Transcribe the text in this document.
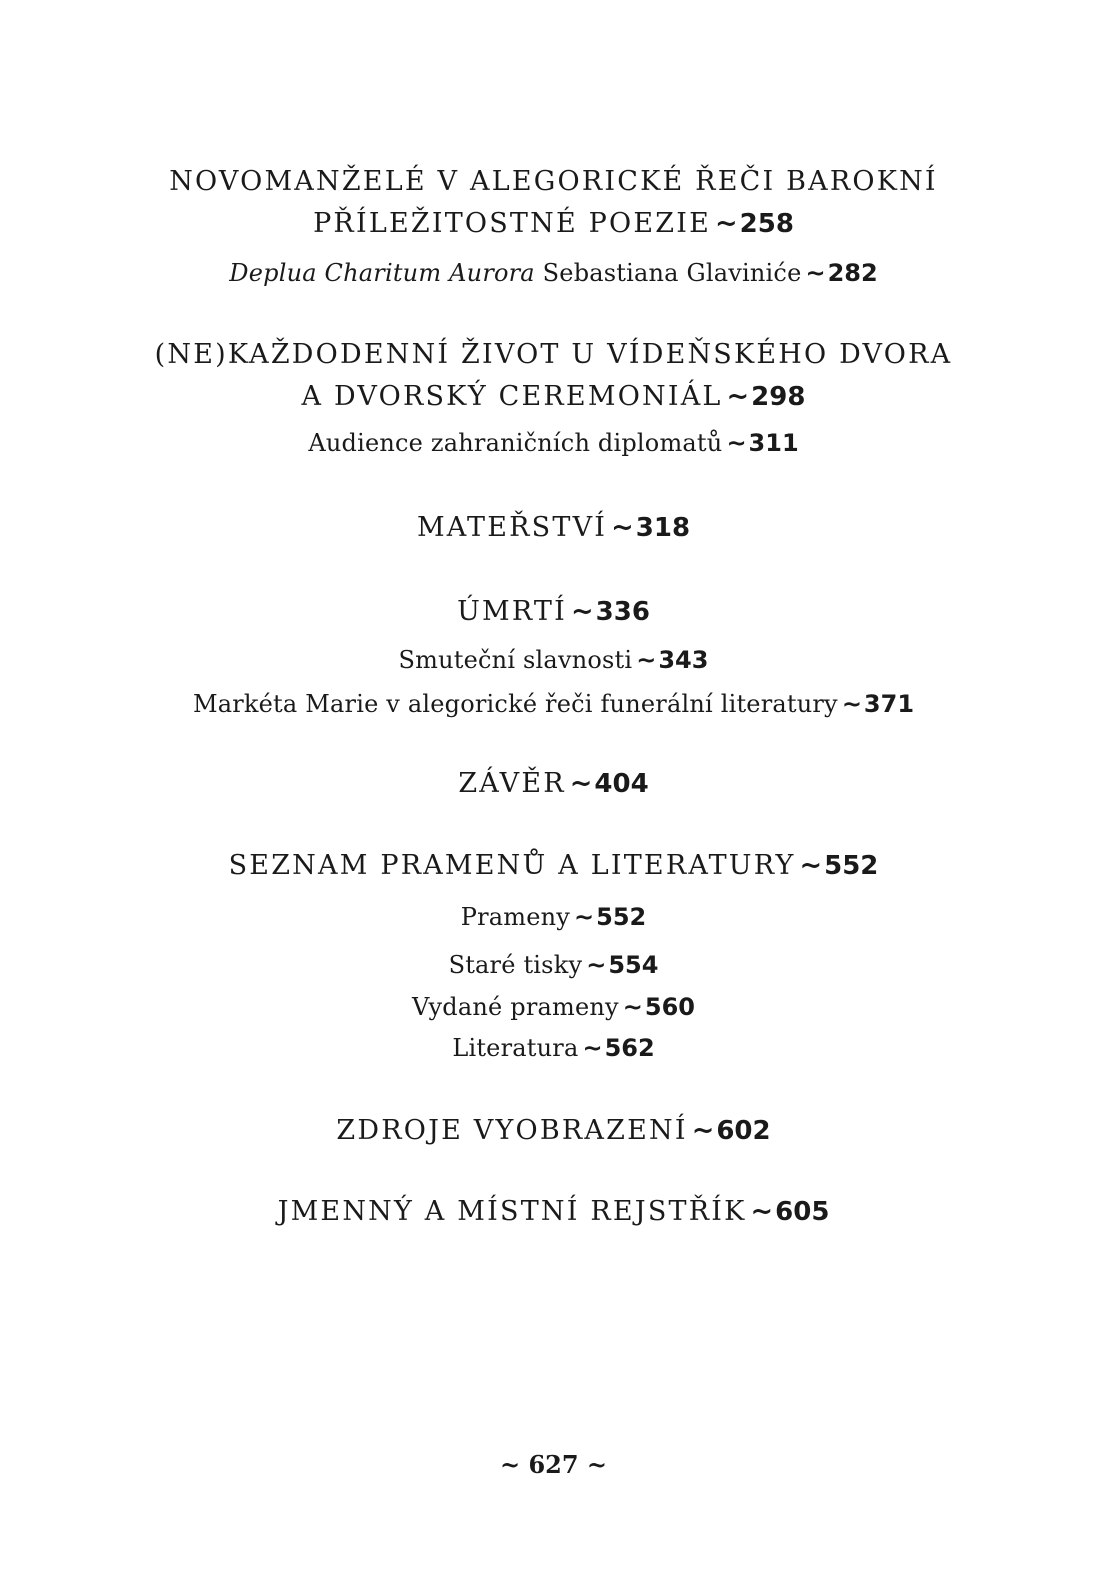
NOVOMANŽELÉ V ALEGORICKÉ ŘEČI BAROKNÍ
PŘÍLEŽITOSTNÉ POEZIE ~258
Deplua Charitum Aurora Sebastiana Glaviniće ~282
(NE)KAŽDODENNÍ ŽIVOT U VÍDEŇSKÉHO DVORA
A DVORSKÝ CEREMONIÁL ~298
Audience zahraničních diplomatů ~311
MATEŘSTVÍ ~318
ÚMRTÍ ~336
Smuteční slavnosti ~343
Markéta Marie v alegorické řeči funerální literatury ~371
ZÁVĚR ~404
SEZNAM PRAMENŮ A LITERATURY ~552
Prameny ~552
Staré tisky ~554
Vydané prameny ~560
Literatura ~562
ZDROJE VYOBRAZENÍ ~602
JMENNÝ A MÍSTNÍ REJSTŘÍK ~605
~ 627 ~
